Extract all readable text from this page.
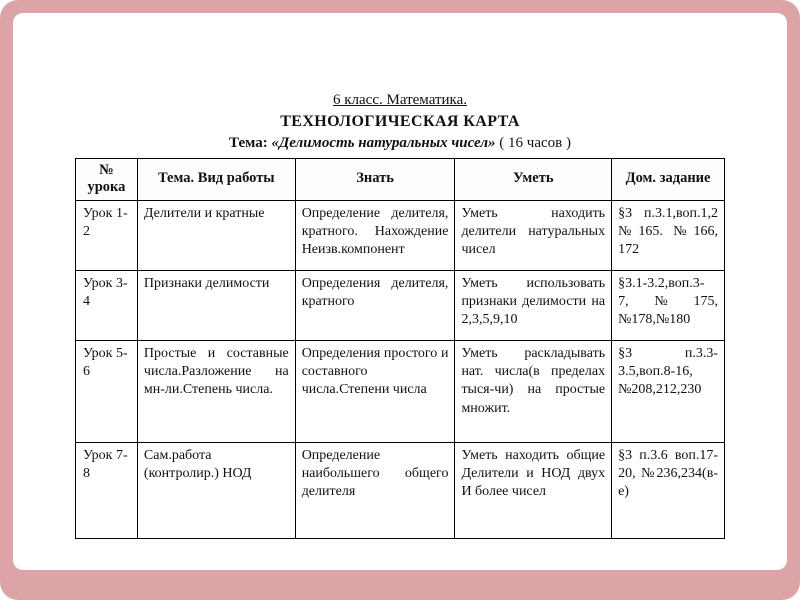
6 класс. Математика.
ТЕХНОЛОГИЧЕСКАЯ КАРТА
Тема: «Делимость натуральных чисел» ( 16 часов )
№ урока	Тема. Вид работы	Знать	Уметь	Дом. задание
Урок 1-2	Делители и кратные	Определение делителя, кратного. Нахождение Неизв.компонент	Уметь находить делители натуральных чисел	§3 п.3.1,воп.1,2 №165. №166, 172
Урок 3-4	Признаки делимости	Определения делителя, кратного	Уметь использовать признаки делимости на 2,3,5,9,10	§3.1-3.2,воп.3-7,№175, №178,№180
Урок 5-6	Простые и составные числа.Разложение на мн-ли.Степень числа.	Определения простого и составного числа.Степени числа	Уметь раскладывать нат. числа(в пределах тыся-чи) на простые множит.	§3 п.3.3-3.5,воп.8-16, №208,212,230
Урок 7-8	Сам.работа (контролир.) НОД	Определение наибольшего общего делителя	Уметь находить общие Делители и НОД двух И более чисел	§3 п.3.6 воп.17-20, №236,234(в-е)
